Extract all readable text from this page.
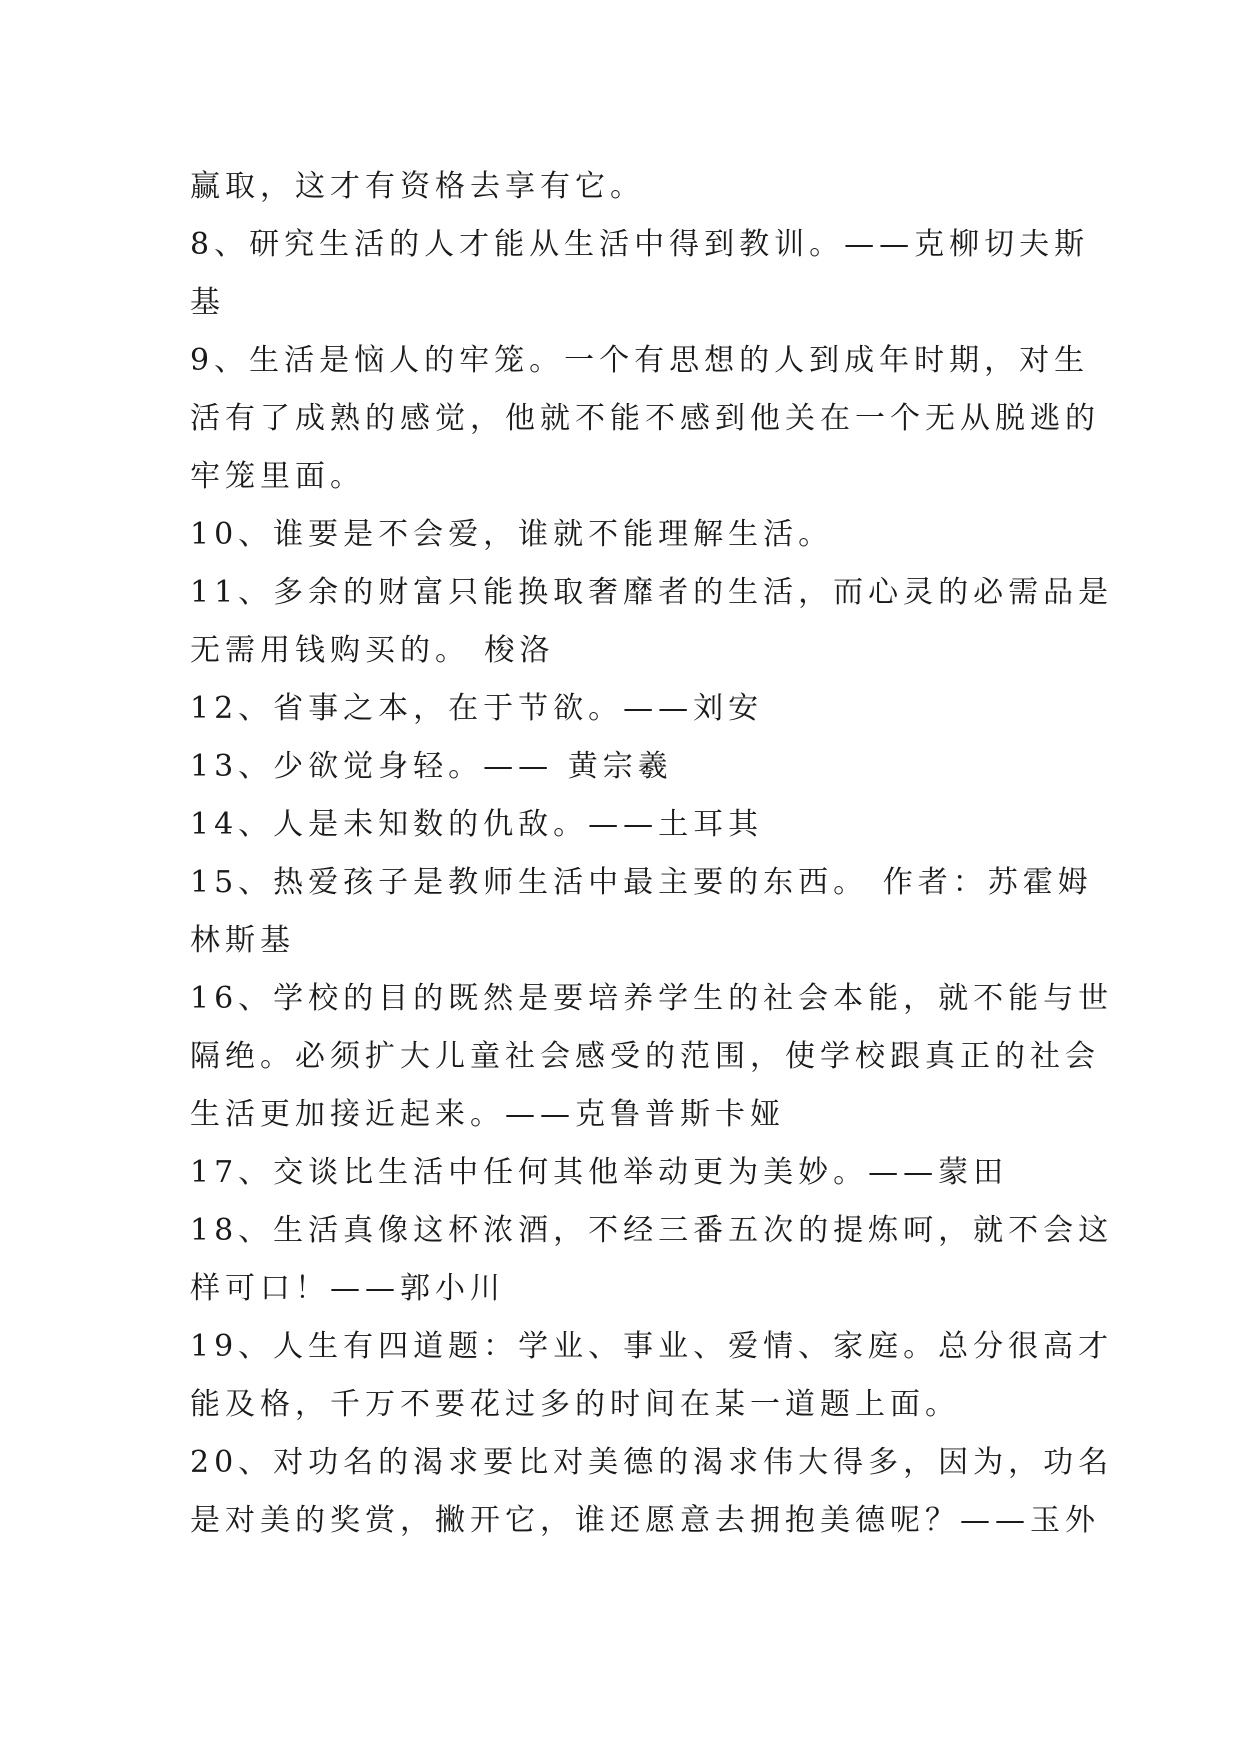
赢取，这才有资格去享有它。
8、研究生活的人才能从生活中得到教训。——克柳切夫斯
基
9、生活是恼人的牢笼。一个有思想的人到成年时期，对生
活有了成熟的感觉，他就不能不感到他关在一个无从脱逃的
牢笼里面。
10、谁要是不会爱，谁就不能理解生活。
11、多余的财富只能换取奢靡者的生活，而心灵的必需品是
无需用钱购买的。 梭洛
12、省事之本，在于节欲。——刘安
13、少欲觉身轻。—— 黄宗羲
14、人是未知数的仇敌。——土耳其
15、热爱孩子是教师生活中最主要的东西。 作者：苏霍姆
林斯基
16、学校的目的既然是要培养学生的社会本能，就不能与世
隔绝。必须扩大儿童社会感受的范围，使学校跟真正的社会
生活更加接近起来。——克鲁普斯卡娅
17、交谈比生活中任何其他举动更为美妙。——蒙田
18、生活真像这杯浓酒，不经三番五次的提炼呵，就不会这
样可口！——郭小川
19、人生有四道题：学业、事业、爱情、家庭。总分很高才
能及格，千万不要花过多的时间在某一道题上面。
20、对功名的渴求要比对美德的渴求伟大得多，因为，功名
是对美的奖赏，撇开它，谁还愿意去拥抱美德呢？——玉外
